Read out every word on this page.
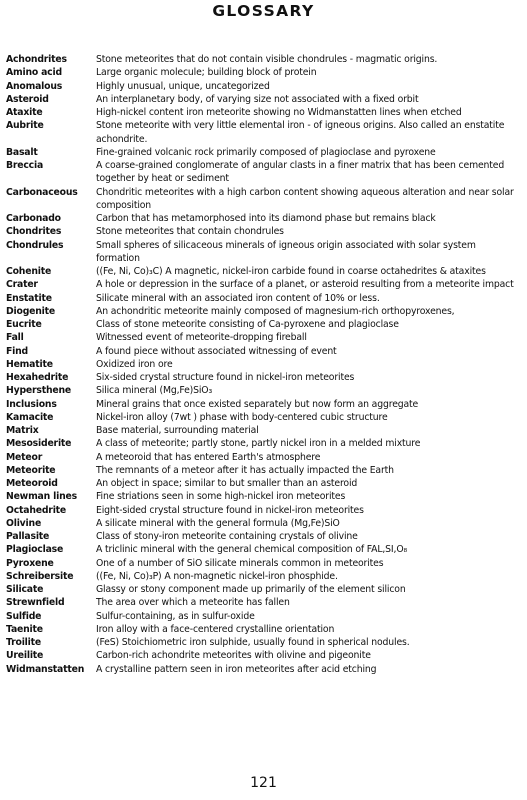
GLOSSARY
Achondrites	Stone meteorites that do not contain visible chondrules - magmatic origins.
Amino acid	Large organic molecule; building block of protein
Anomalous	Highly unusual, unique, uncategorized
Asteroid	An interplanetary body, of varying size not associated with a fixed orbit
Ataxite	High-nickel content iron meteorite showing no Widmanstatten lines when etched
Aubrite	Stone meteorite with very little elemental iron - of igneous origins. Also called an enstatite achondrite.
Basalt	Fine-grained volcanic rock primarily composed of plagioclase and pyroxene
Breccia	A coarse-grained conglomerate of angular clasts in a finer matrix that has been cemented together by heat or sediment
Carbonaceous	Chondritic meteorites with a high carbon content showing aqueous alteration and near solar composition
Carbonado	Carbon that has metamorphosed into its diamond phase but remains black
Chondrites	Stone meteorites that contain chondrules
Chondrules	Small spheres of silicaceous minerals of igneous origin associated with solar system formation
Cohenite	((Fe, Ni, Co)₃C) A magnetic, nickel-iron carbide found in coarse octahedrites & ataxites
Crater	A hole or depression in the surface of a planet, or asteroid resulting from a meteorite impact
Enstatite	Silicate mineral with an associated iron content of 10% or less.
Diogenite	An achondritic meteorite mainly composed of magnesium-rich orthopyroxenes,
Eucrite	Class of stone meteorite consisting of Ca-pyroxene and plagioclase
Fall	Witnessed event of meteorite-dropping fireball
Find	A found piece without associated witnessing of event
Hematite	Oxidized iron ore
Hexahedrite	Six-sided crystal structure found in nickel-iron meteorites
Hypersthene	Silica mineral (Mg,Fe)SiO₃
Inclusions	Mineral grains that once existed separately but now form an aggregate
Kamacite	Nickel-iron alloy (7wt ) phase with body-centered cubic structure
Matrix	Base material, surrounding material
Mesosiderite	A class of meteorite; partly stone, partly nickel iron in a melded mixture
Meteor	A meteoroid that has entered Earth's atmosphere
Meteorite	The remnants of a meteor after it has actually impacted the Earth
Meteoroid	An object in space; similar to but smaller than an asteroid
Newman lines	Fine striations seen in some high-nickel iron meteorites
Octahedrite	Eight-sided crystal structure found in nickel-iron meteorites
Olivine	A silicate mineral with the general formula (Mg,Fe)SiO
Pallasite	Class of stony-iron meteorite containing crystals of olivine
Plagioclase	A triclinic mineral with the general chemical composition of FAL,SI,O₈
Pyroxene	One of a number of SiO silicate minerals common in meteorites
Schreibersite	((Fe, Ni, Co)₃P) A non-magnetic nickel-iron phosphide.
Silicate	Glassy or stony component made up primarily of the element silicon
Strewnfield	The area over which a meteorite has fallen
Sulfide	Sulfur-containing, as in sulfur-oxide
Taenite	Iron alloy with a face-centered crystalline orientation
Troilite	(FeS) Stoichiometric iron sulphide, usually found in spherical nodules.
Ureilite	Carbon-rich achondrite meteorites with olivine and pigeonite
Widmanstatten	A crystalline pattern seen in iron meteorites after acid etching
121
